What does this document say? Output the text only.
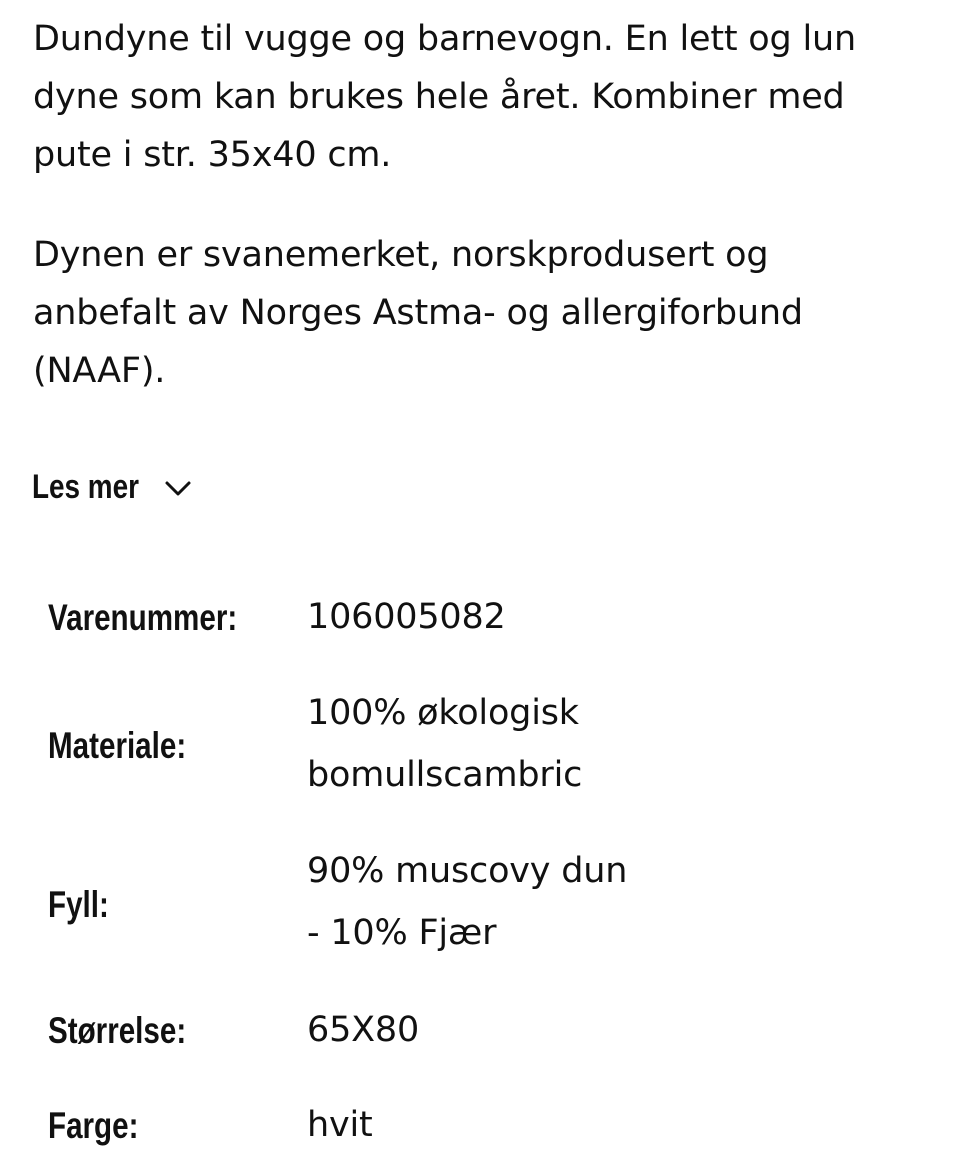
Dundyne til vugge og barnevogn. En lett og lun dyne som kan brukes hele året. Kombiner med pute i str. 35x40 cm.

Dynen er svanemerket, norskprodusert og anbefalt av Norges Astma- og allergiforbund (NAAF).

Les mer
Varenummer: 106005082
Materiale:
100% økologisk
bomullscambric
Fyll:
90% muscovy dun
- 10% Fjær
Størrelse:	65X80
Farge:	hvit
